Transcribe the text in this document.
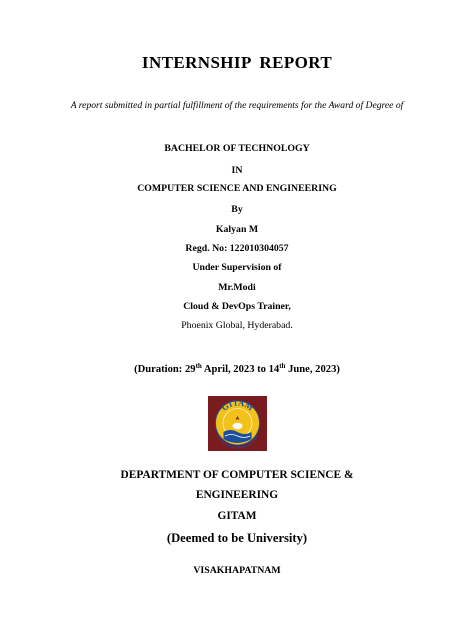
INTERNSHIP REPORT
A report submitted in partial fulfillment of the requirements for the Award of Degree of
BACHELOR OF TECHNOLOGY
IN
COMPUTER SCIENCE AND ENGINEERING
By
Kalyan M
Regd. No: 122010304057
Under Supervision of
Mr.Modi
Cloud & DevOps Trainer,
Phoenix Global, Hyderabad.
(Duration: 29th April, 2023 to 14th June, 2023)
GITAM
DEPARTMENT OF COMPUTER SCIENCE &
ENGINEERING
GITAM
(Deemed to be University)
VISAKHAPATNAM
